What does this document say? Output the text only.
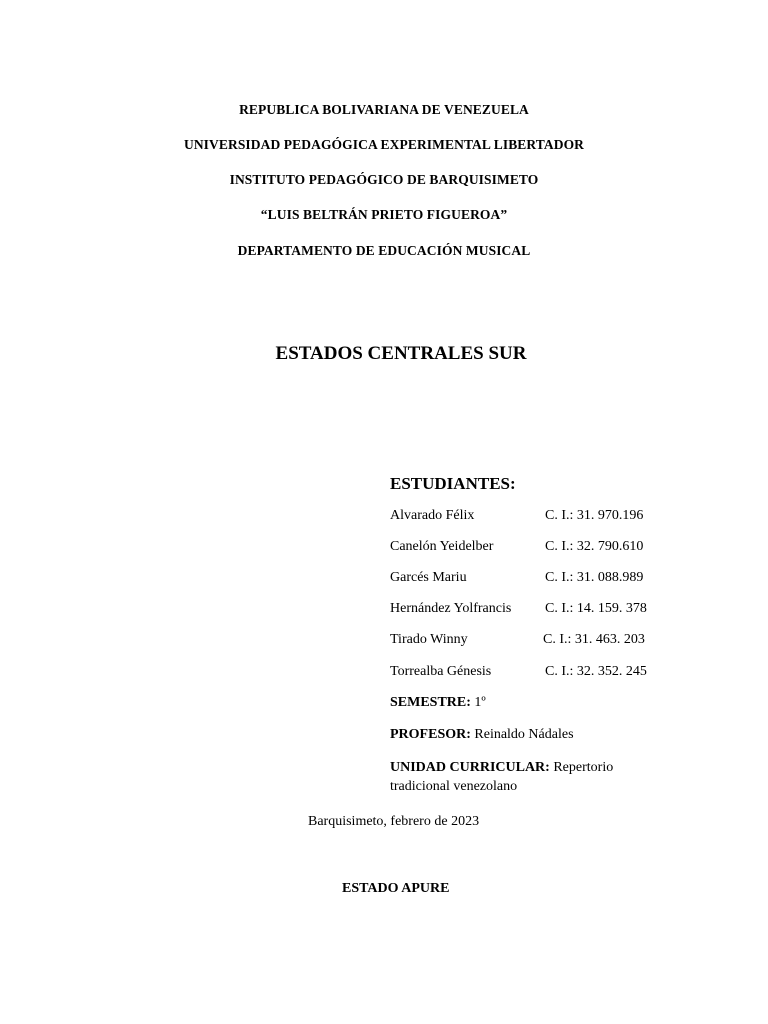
REPUBLICA BOLIVARIANA DE VENEZUELA
UNIVERSIDAD PEDAGÓGICA EXPERIMENTAL LIBERTADOR
INSTITUTO PEDAGÓGICO DE BARQUISIMETO
“LUIS BELTRÁN PRIETO FIGUEROA”
DEPARTAMENTO DE EDUCACIÓN MUSICAL
ESTADOS CENTRALES SUR
ESTUDIANTES:
Alvarado Félix	C. I.: 31. 970.196
Canelón Yeidelber	C. I.: 32. 790.610
Garcés Mariu	C. I.: 31. 088.989
Hernández Yolfrancis C. I.: 14. 159. 378
Tirado Winny	C. I.: 31. 463. 203
Torrealba Génesis	C. I.: 32. 352. 245
SEMESTRE: 1º
PROFESOR: Reinaldo Nádales
UNIDAD CURRICULAR: Repertorio tradicional venezolano
Barquisimeto, febrero de 2023
ESTADO APURE
